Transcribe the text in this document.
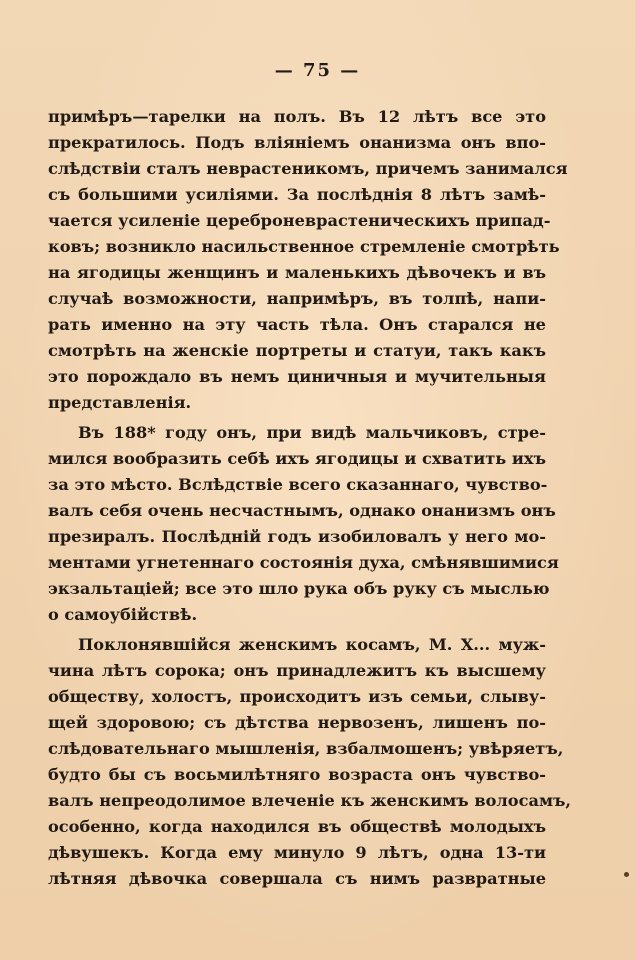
— 75 —
примѣръ—тарелки на полъ. Въ 12 лѣтъ все это
прекратилось. Подъ вліяніемъ онанизма онъ впо-
слѣдствіи сталъ неврастеникомъ, причемъ занимался
съ большими усиліями. За послѣднія 8 лѣтъ замѣ-
чается усиленіе цереброневрастеническихъ припад-
ковъ; возникло насильственное стремленіе смотрѣть
на ягодицы женщинъ и маленькихъ дѣвочекъ и въ
случаѣ возможности, напримѣръ, въ толпѣ, напи-
рать именно на эту часть тѣла. Онъ старался не
смотрѣть на женскіе портреты и статуи, такъ какъ
это порождало въ немъ циничныя и мучительныя
представленія.
Въ 188* году онъ, при видѣ мальчиковъ, стре-
мился вообразить себѣ ихъ ягодицы и схватить ихъ
за это мѣсто. Вслѣдствіе всего сказаннаго, чувство-
валъ себя очень несчастнымъ, однако онанизмъ онъ
презиралъ. Послѣдній годъ изобиловалъ у него мо-
ментами угнетеннаго состоянія духа, смѣнявшимися
экзальтаціей; все это шло рука объ руку съ мыслью
о самоубійствѣ.
Поклонявшійся женскимъ косамъ, М. Х... муж-
чина лѣтъ сорока; онъ принадлежитъ къ высшему
обществу, холостъ, происходитъ изъ семьи, слыву-
щей здоровою; съ дѣтства нервозенъ, лишенъ по-
слѣдовательнаго мышленія, взбалмошенъ; увѣряетъ,
будто бы съ восьмилѣтняго возраста онъ чувство-
валъ непреодолимое влеченіе къ женскимъ волосамъ,
особенно, когда находился въ обществѣ молодыхъ
дѣвушекъ. Когда ему минуло 9 лѣтъ, одна 13-ти
лѣтняя дѣвочка совершала съ нимъ развратные
